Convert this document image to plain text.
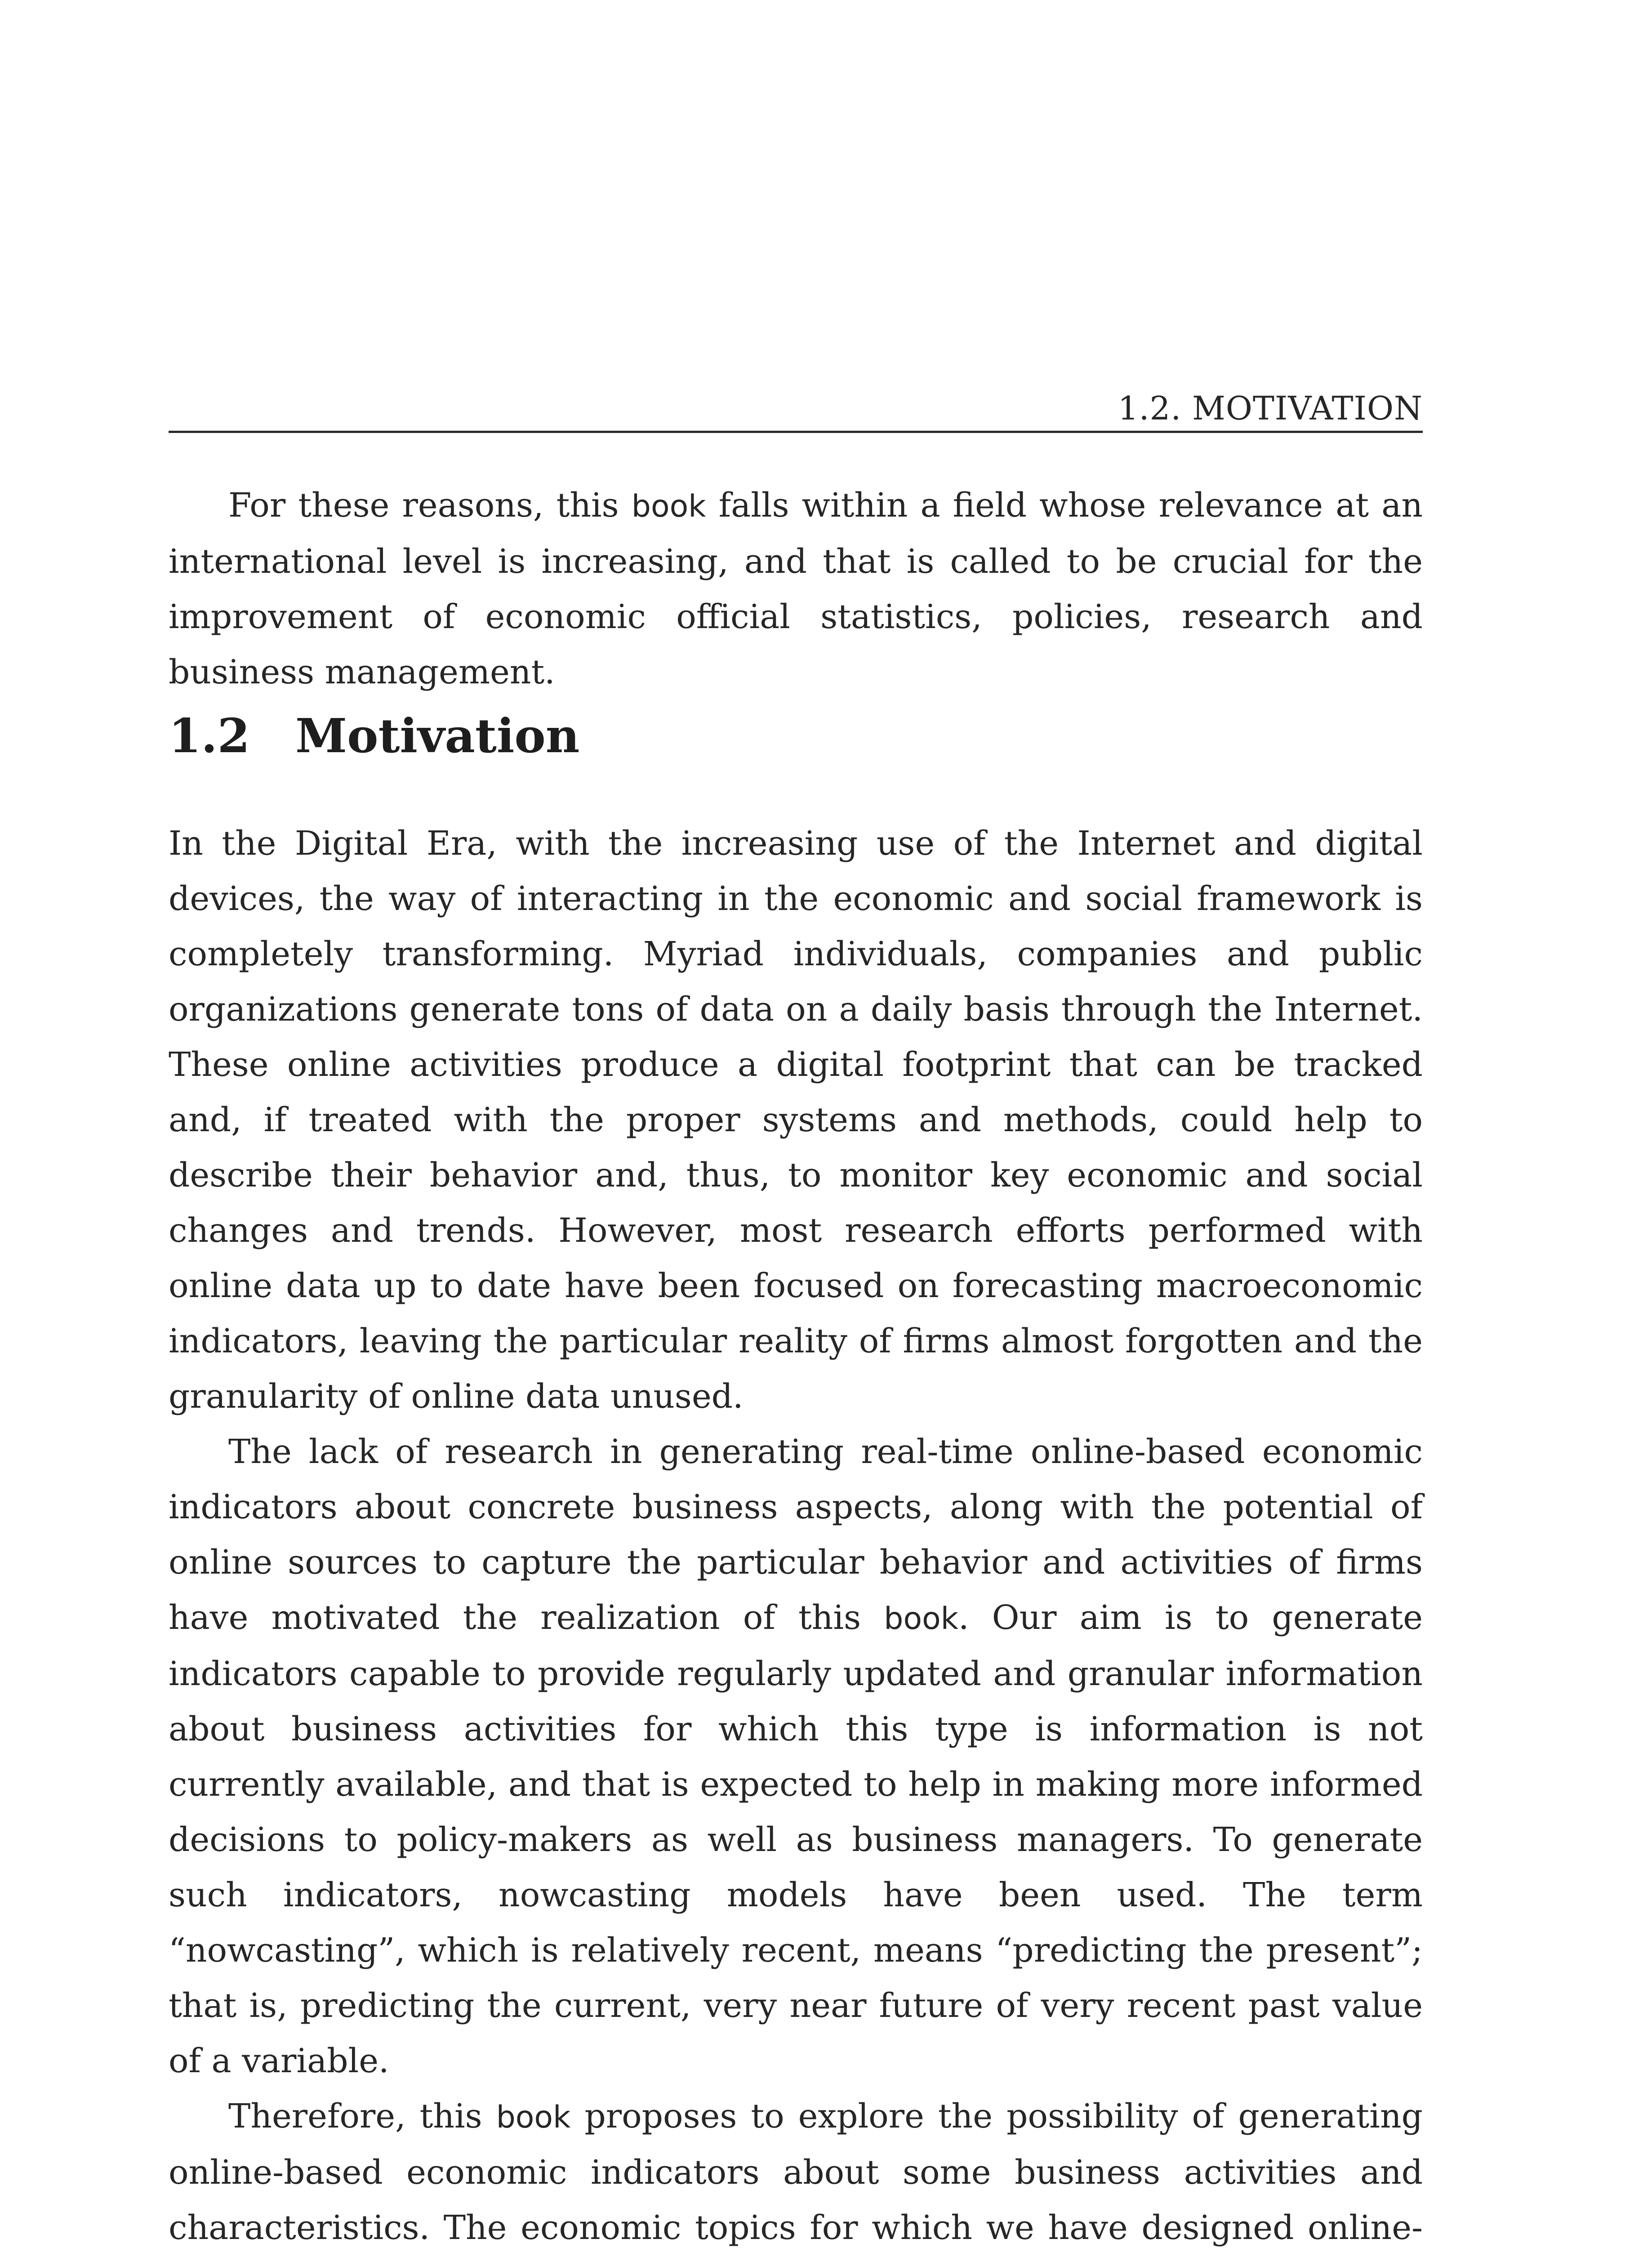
1.2. MOTIVATION

For these reasons, this book falls within a field whose relevance at an international level is increasing, and that is called to be crucial for the improvement of economic official statistics, policies, research and business management.

1.2 Motivation

In the Digital Era, with the increasing use of the Internet and digital devices, the way of interacting in the economic and social framework is completely transforming. Myriad individuals, companies and public organizations generate tons of data on a daily basis through the Internet. These online activities produce a digital footprint that can be tracked and, if treated with the proper systems and methods, could help to describe their behavior and, thus, to monitor key economic and social changes and trends. However, most research efforts performed with online data up to date have been focused on forecasting macroeconomic indicators, leaving the particular reality of firms almost forgotten and the granularity of online data unused.

The lack of research in generating real-time online-based economic indicators about concrete business aspects, along with the potential of online sources to capture the particular behavior and activities of firms have motivated the realization of this book. Our aim is to generate indicators capable to provide regularly updated and granular information about business activities for which this type is information is not currently available, and that is expected to help in making more informed decisions to policy-makers as well as business managers. To generate such indicators, nowcasting models have been used. The term “nowcasting”, which is relatively recent, means “predicting the present”; that is, predicting the current, very near future of very recent past value of a variable.

Therefore, this book proposes to explore the possibility of generating online-based economic indicators about some business activities and characteristics. The economic topics for which we have designed online-
